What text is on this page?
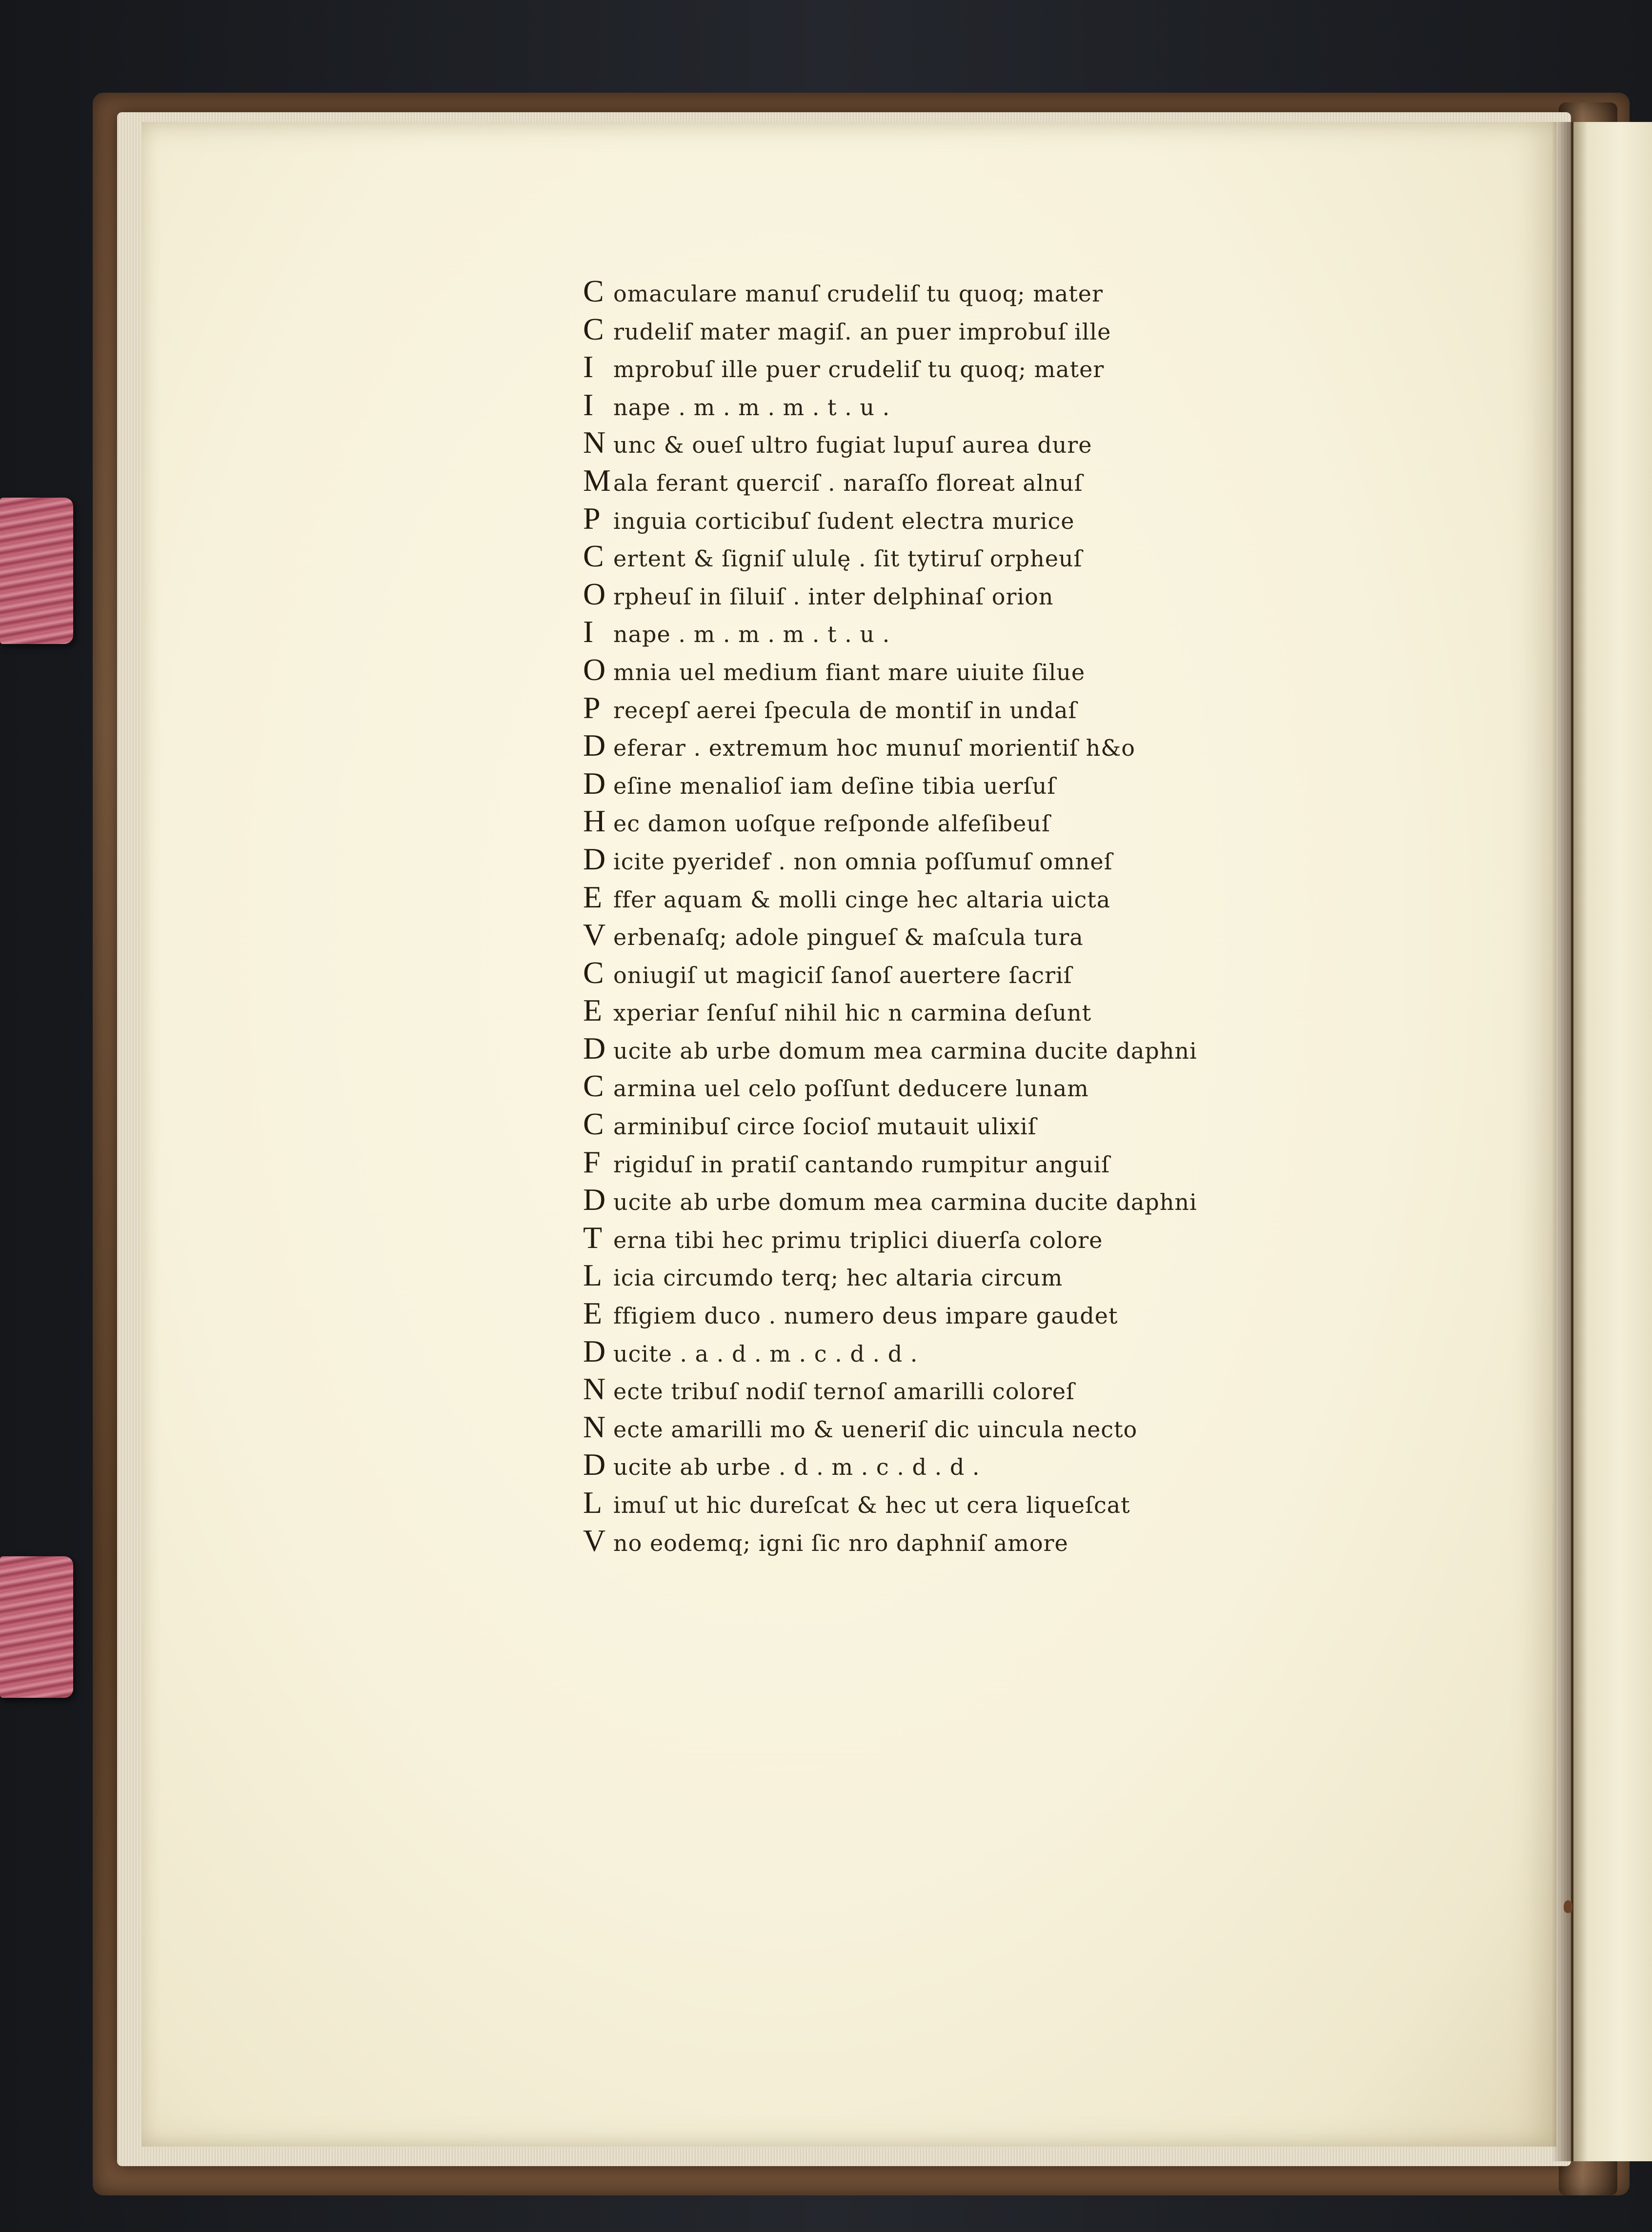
C omaculare manuſ crudeliſ tu quoq; mater
C rudeliſ mater magiſ. an puer improbuſ ille
I mprobuſ ille puer crudeliſ tu quoq; mater
I nape . m . m . m . t . u .
N unc & oueſ ultro fugiat lupuſ aurea dure
M ala ferant querciſ . naraſſo floreat alnuſ
P inguia corticibuſ ſudent electra murice
C ertent & ſigniſ ululę . ſit tytiruſ orpheuſ
O rpheuſ in ſiluiſ . inter delphinaſ orion
I nape . m . m . m . t . u .
O mnia uel medium fiant mare uiuite ſilue
P recepſ aerei ſpecula de montiſ in undaſ
D eferar . extremum hoc munuſ morientiſ h&o
D eſine menalioſ iam deſine tibia uerſuſ
H ec damon uoſque reſponde alfeſibeuſ
D icite pyeridef . non omnia poſſumuſ omneſ
E ffer aquam & molli cinge hec altaria uicta
V erbenaſq; adole pingueſ & maſcula tura
C oniugiſ ut magiciſ ſanoſ auertere ſacriſ
E xperiar ſenſuſ nihil hic n carmina deſunt
D ucite ab urbe domum mea carmina ducite daphni
C armina uel celo poſſunt deducere lunam
C arminibuſ circe ſocioſ mutauit ulixiſ
F rigiduſ in pratiſ cantando rumpitur anguiſ
D ucite ab urbe domum mea carmina ducite daphni
T erna tibi hec primu triplici diuerſa colore
L icia circumdo terq; hec altaria circum
E ffigiem duco . numero deus impare gaudet
D ucite . a . d . m . c . d . d .
N ecte tribuſ nodiſ ternoſ amarilli coloreſ
N ecte amarilli mo & ueneriſ dic uincula necto
D ucite ab urbe . d . m . c . d . d .
L imuſ ut hic dureſcat & hec ut cera liqueſcat
V no eodemq; igni ſic nro daphniſ amore
